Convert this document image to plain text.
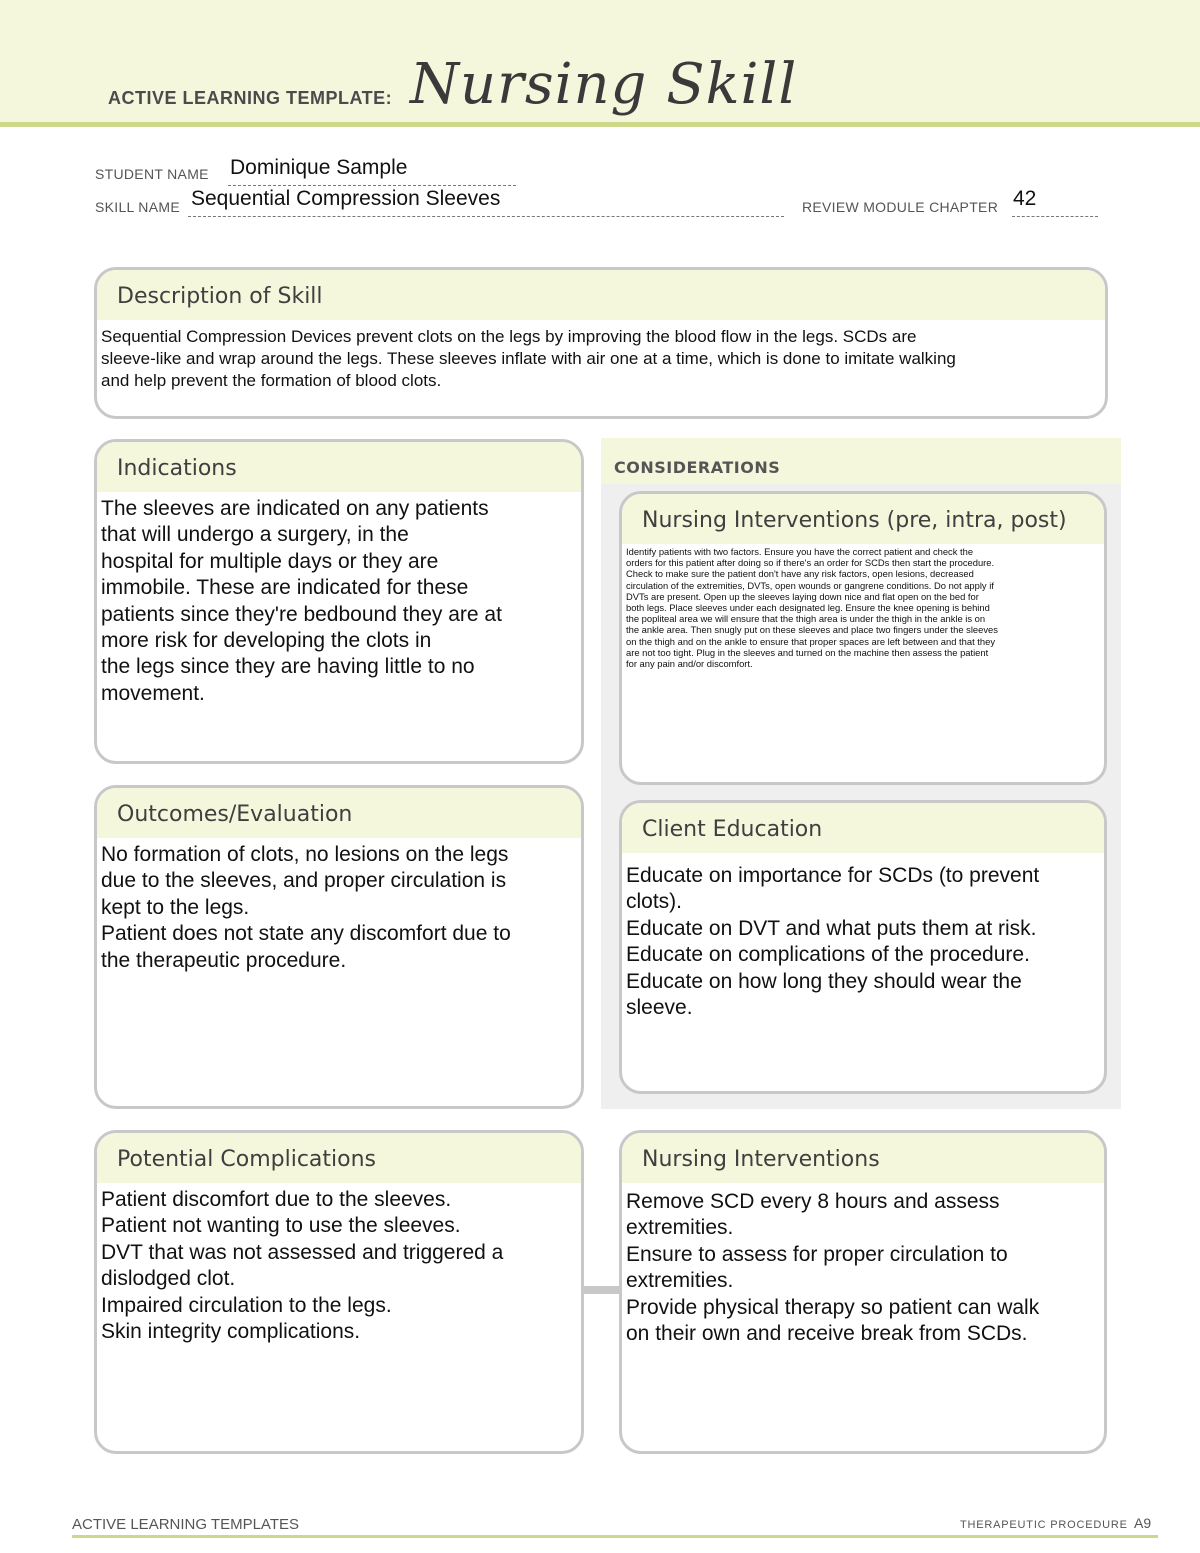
ACTIVE LEARNING TEMPLATE: Nursing Skill
STUDENT NAME Dominique Sample
SKILL NAME Sequential Compression Sleeves	REVIEW MODULE CHAPTER 42
Description of Skill
Sequential Compression Devices prevent clots on the legs by improving the blood flow in the legs. SCDs are
sleeve-like and wrap around the legs. These sleeves inflate with air one at a time, which is done to imitate walking
and help prevent the formation of blood clots.
CONSIDERATIONS
Indications
The sleeves are indicated on any patients
that will undergo a surgery, in the
hospital for multiple days or they are
immobile. These are indicated for these
patients since they're bedbound they are at
more risk for developing the clots in
the legs since they are having little to no
movement.
Nursing Interventions (pre, intra, post)
Identify patients with two factors. Ensure you have the correct patient and check the
orders for this patient after doing so if there's an order for SCDs then start the procedure.
Check to make sure the patient don't have any risk factors, open lesions, decreased
circulation of the extremities, DVTs, open wounds or gangrene conditions. Do not apply if
DVTs are present. Open up the sleeves laying down nice and flat open on the bed for
both legs. Place sleeves under each designated leg. Ensure the knee opening is behind
the popliteal area we will ensure that the thigh area is under the thigh in the ankle is on
the ankle area. Then snugly put on these sleeves and place two fingers under the sleeves
on the thigh and on the ankle to ensure that proper spaces are left between and that they
are not too tight. Plug in the sleeves and turned on the machine then assess the patient
for any pain and/or discomfort.
Outcomes/Evaluation
No formation of clots, no lesions on the legs
due to the sleeves, and proper circulation is
kept to the legs.
Patient does not state any discomfort due to
the therapeutic procedure.
Client Education
Educate on importance for SCDs (to prevent
clots).
Educate on DVT and what puts them at risk.
Educate on complications of the procedure.
Educate on how long they should wear the
sleeve.
Potential Complications
Patient discomfort due to the sleeves.
Patient not wanting to use the sleeves.
DVT that was not assessed and triggered a
dislodged clot.
Impaired circulation to the legs.
Skin integrity complications.
Nursing Interventions
Remove SCD every 8 hours and assess
extremities.
Ensure to assess for proper circulation to
extremities.
Provide physical therapy so patient can walk
on their own and receive break from SCDs.
ACTIVE LEARNING TEMPLATES	THERAPEUTIC PROCEDURE A9
